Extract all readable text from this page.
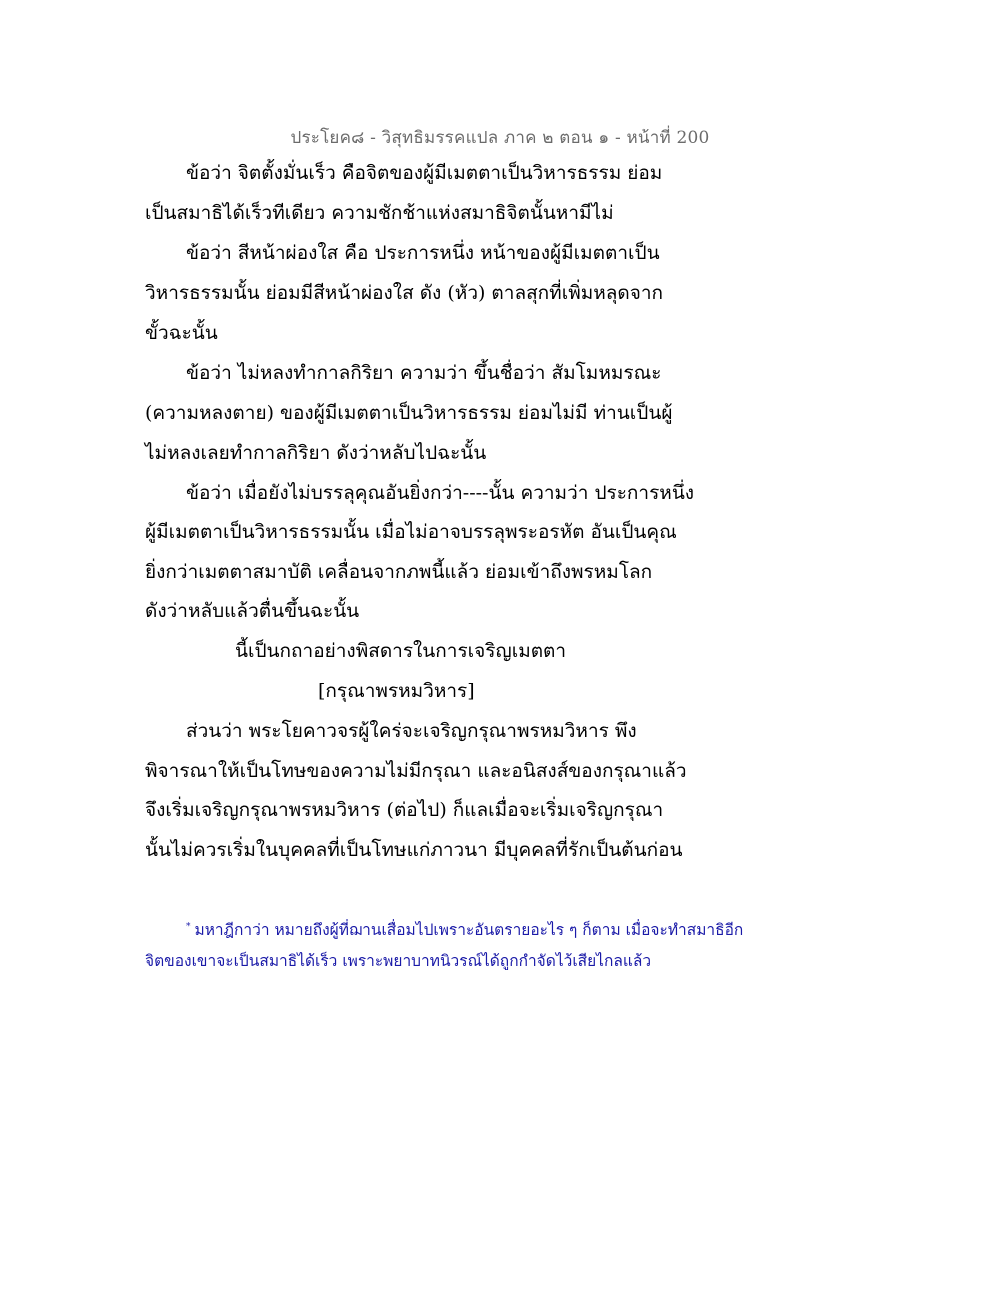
ประโยค๘ - วิสุทธิมรรคแปล ภาค ๒ ตอน ๑ - หน้าที่ 200
ข้อว่า จิตตั้งมั่นเร็ว คือจิตของผู้มีเมตตาเป็นวิหารธรรม ย่อม
เป็นสมาธิได้เร็วทีเดียว ความชักช้าแห่งสมาธิจิตนั้นหามีไม่
ข้อว่า สีหน้าผ่องใส คือ ประการหนึ่ง หน้าของผู้มีเมตตาเป็น
วิหารธรรมนั้น ย่อมมีสีหน้าผ่องใส ดัง (หัว) ตาลสุกที่เพิ่มหลุดจาก
ขั้วฉะนั้น
ข้อว่า ไม่หลงทำกาลกิริยา ความว่า ขึ้นชื่อว่า สัมโมหมรณะ
(ความหลงตาย) ของผู้มีเมตตาเป็นวิหารธรรม ย่อมไม่มี ท่านเป็นผู้
ไม่หลงเลยทำกาลกิริยา ดังว่าหลับไปฉะนั้น
ข้อว่า เมื่อยังไม่บรรลุคุณอันยิ่งกว่า----นั้น ความว่า ประการหนึ่ง
ผู้มีเมตตาเป็นวิหารธรรมนั้น เมื่อไม่อาจบรรลุพระอรหัต อันเป็นคุณ
ยิ่งกว่าเมตตาสมาบัติ เคลื่อนจากภพนี้แล้ว ย่อมเข้าถึงพรหมโลก
ดังว่าหลับแล้วตื่นขึ้นฉะนั้น
นี้เป็นกถาอย่างพิสดารในการเจริญเมตตา
[กรุณาพรหมวิหาร]
ส่วนว่า พระโยคาวจรผู้ใคร่จะเจริญกรุณาพรหมวิหาร พึง
พิจารณาให้เป็นโทษของความไม่มีกรุณา และอนิสงส์ของกรุณาแล้ว
จึงเริ่มเจริญกรุณาพรหมวิหาร (ต่อไป) ก็แลเมื่อจะเริ่มเจริญกรุณา
นั้นไม่ควรเริ่มในบุคคลที่เป็นโทษแก่ภาวนา มีบุคคลที่รักเป็นต้นก่อน
* มหาฎีกาว่า หมายถึงผู้ที่ฌานเสื่อมไปเพราะอันตรายอะไร ๆ ก็ตาม เมื่อจะทำสมาธิอีก
จิตของเขาจะเป็นสมาธิได้เร็ว เพราะพยาบาทนิวรณ์ได้ถูกกำจัดไว้เสียไกลแล้ว
